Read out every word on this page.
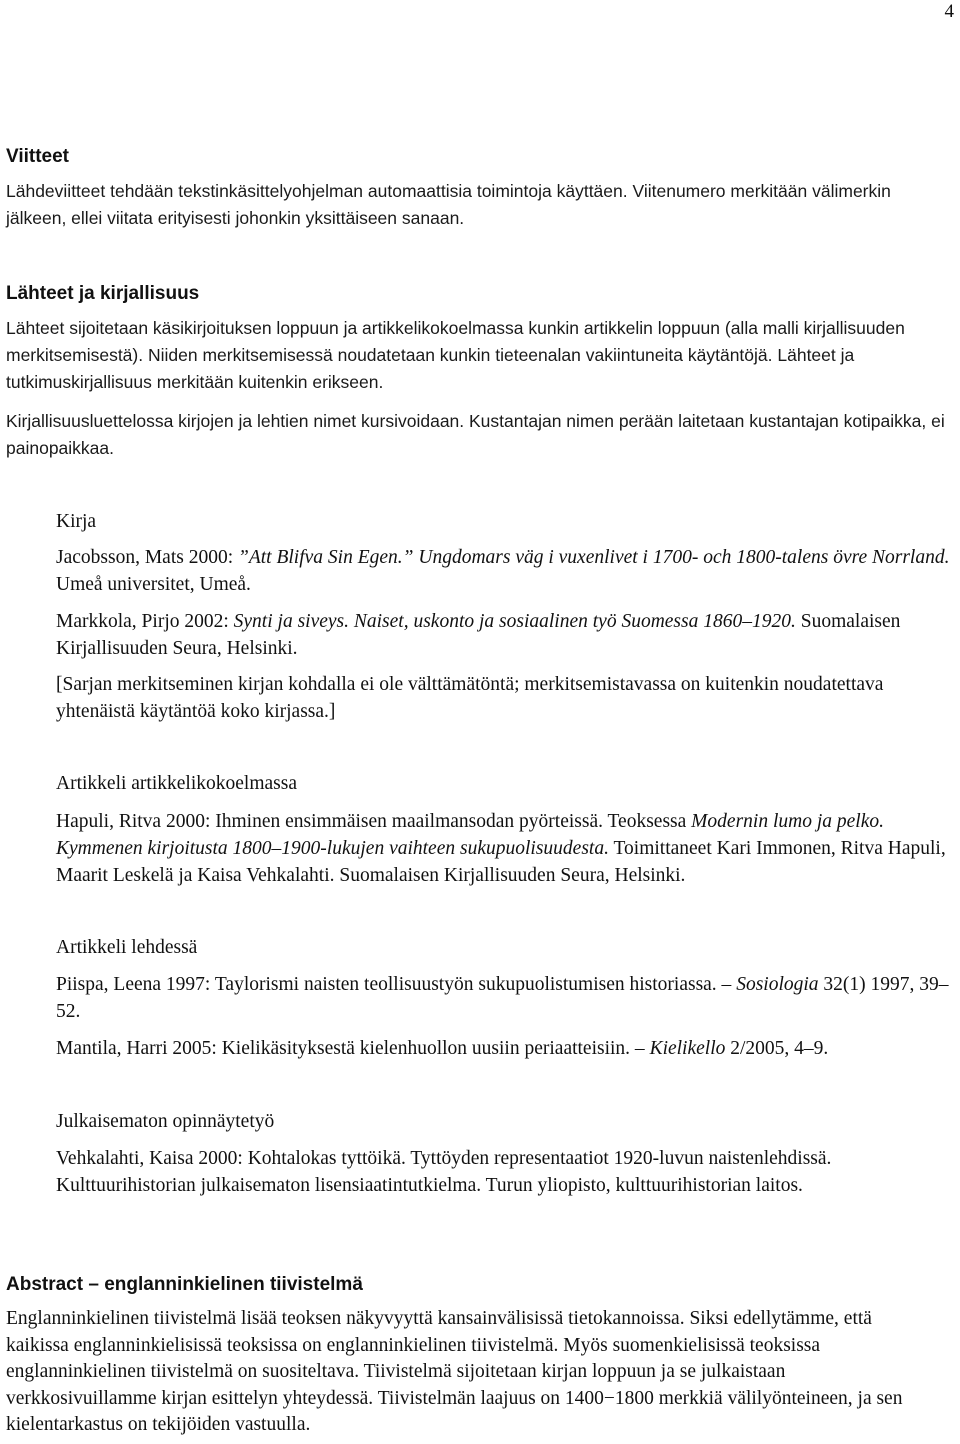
4
Viitteet

Lähdeviitteet tehdään tekstinkäsittelyohjelman automaattisia toimintoja käyttäen. Viitenumero merkitään välimerkin jälkeen, ellei viitata erityisesti johonkin yksittäiseen sanaan.

Lähteet ja kirjallisuus

Lähteet sijoitetaan käsikirjoituksen loppuun ja artikkelikokoelmassa kunkin artikkelin loppuun (alla malli kirjallisuuden merkitsemisestä). Niiden merkitsemisessä noudatetaan kunkin tieteenalan vakiintuneita käytäntöjä. Lähteet ja tutkimuskirjallisuus merkitään kuitenkin erikseen.

Kirjallisuusluettelossa kirjojen ja lehtien nimet kursivoidaan. Kustantajan nimen perään laitetaan kustantajan kotipaikka, ei painopaikkaa.

Kirja

Jacobsson, Mats 2000: ”Att Blifva Sin Egen.” Ungdomars väg i vuxenlivet i 1700- och 1800-talens övre Norrland. Umeå universitet, Umeå.

Markkola, Pirjo 2002: Synti ja siveys. Naiset, uskonto ja sosiaalinen työ Suomessa 1860–1920. Suomalaisen Kirjallisuuden Seura, Helsinki.

[Sarjan merkitseminen kirjan kohdalla ei ole välttämätöntä; merkitsemistavassa on kuitenkin noudatettava yhtenäistä käytäntöä koko kirjassa.]

Artikkeli artikkelikokoelmassa

Hapuli, Ritva 2000: Ihminen ensimmäisen maailmansodan pyörteissä. Teoksessa Modernin lumo ja pelko. Kymmenen kirjoitusta 1800–1900-lukujen vaihteen sukupuolisuudesta. Toimittaneet Kari Immonen, Ritva Hapuli, Maarit Leskelä ja Kaisa Vehkalahti. Suomalaisen Kirjallisuuden Seura, Helsinki.

Artikkeli lehdessä

Piispa, Leena 1997: Taylorismi naisten teollisuustyön sukupuolistumisen historiassa. – Sosiologia 32(1) 1997, 39–52.

Mantila, Harri 2005: Kielikäsityksestä kielenhuollon uusiin periaatteisiin. – Kielikello 2/2005, 4–9.

Julkaisematon opinnäytetyö

Vehkalahti, Kaisa 2000: Kohtalokas tyttöikä. Tyttöyden representaatiot 1920-luvun naistenlehdissä. Kulttuurihistorian julkaisematon lisensiaatintutkielma. Turun yliopisto, kulttuurihistorian laitos.

Abstract – englanninkielinen tiivistelmä

Englanninkielinen tiivistelmä lisää teoksen näkyvyyttä kansainvälisissä tietokannoissa. Siksi edellytämme, että kaikissa englanninkielisissä teoksissa on englanninkielinen tiivistelmä. Myös suomenkielisissä teoksissa englanninkielinen tiivistelmä on suositeltava. Tiivistelmä sijoitetaan kirjan loppuun ja se julkaistaan verkkosivuillamme kirjan esittelyn yhteydessä. Tiivistelmän laajuus on 1400−1800 merkkiä välilyönteineen, ja sen kielentarkastus on tekijöiden vastuulla.
